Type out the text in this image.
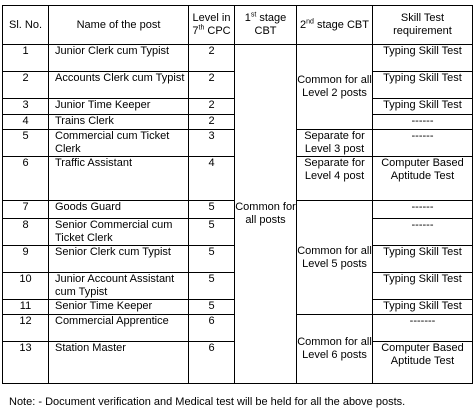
Sl. No.	Name of the post	Level in 7th CPC	1st stage CBT	2nd stage CBT	Skill Test requirement
1	Junior Clerk cum Typist	2	Common for all posts	Common for all Level 2 posts	Typing Skill Test
2	Accounts Clerk cum Typist	2			Typing Skill Test
3	Junior Time Keeper	2			Typing Skill Test
4	Trains Clerk	2			------
5	Commercial cum Ticket Clerk	3		Separate for Level 3 post	------
6	Traffic Assistant	4		Separate for Level 4 post	Computer Based Aptitude Test
7	Goods Guard	5		Common for all Level 5 posts	------
8	Senior Commercial cum Ticket Clerk	5			------
9	Senior Clerk cum Typist	5			Typing Skill Test
10	Junior Account Assistant cum Typist	5			Typing Skill Test
11	Senior Time Keeper	5			Typing Skill Test
12	Commercial Apprentice	6		Common for all Level 6 posts	-------
13	Station Master	6			Computer Based Aptitude Test
Note: - Document verification and Medical test will be held for all the above posts.
